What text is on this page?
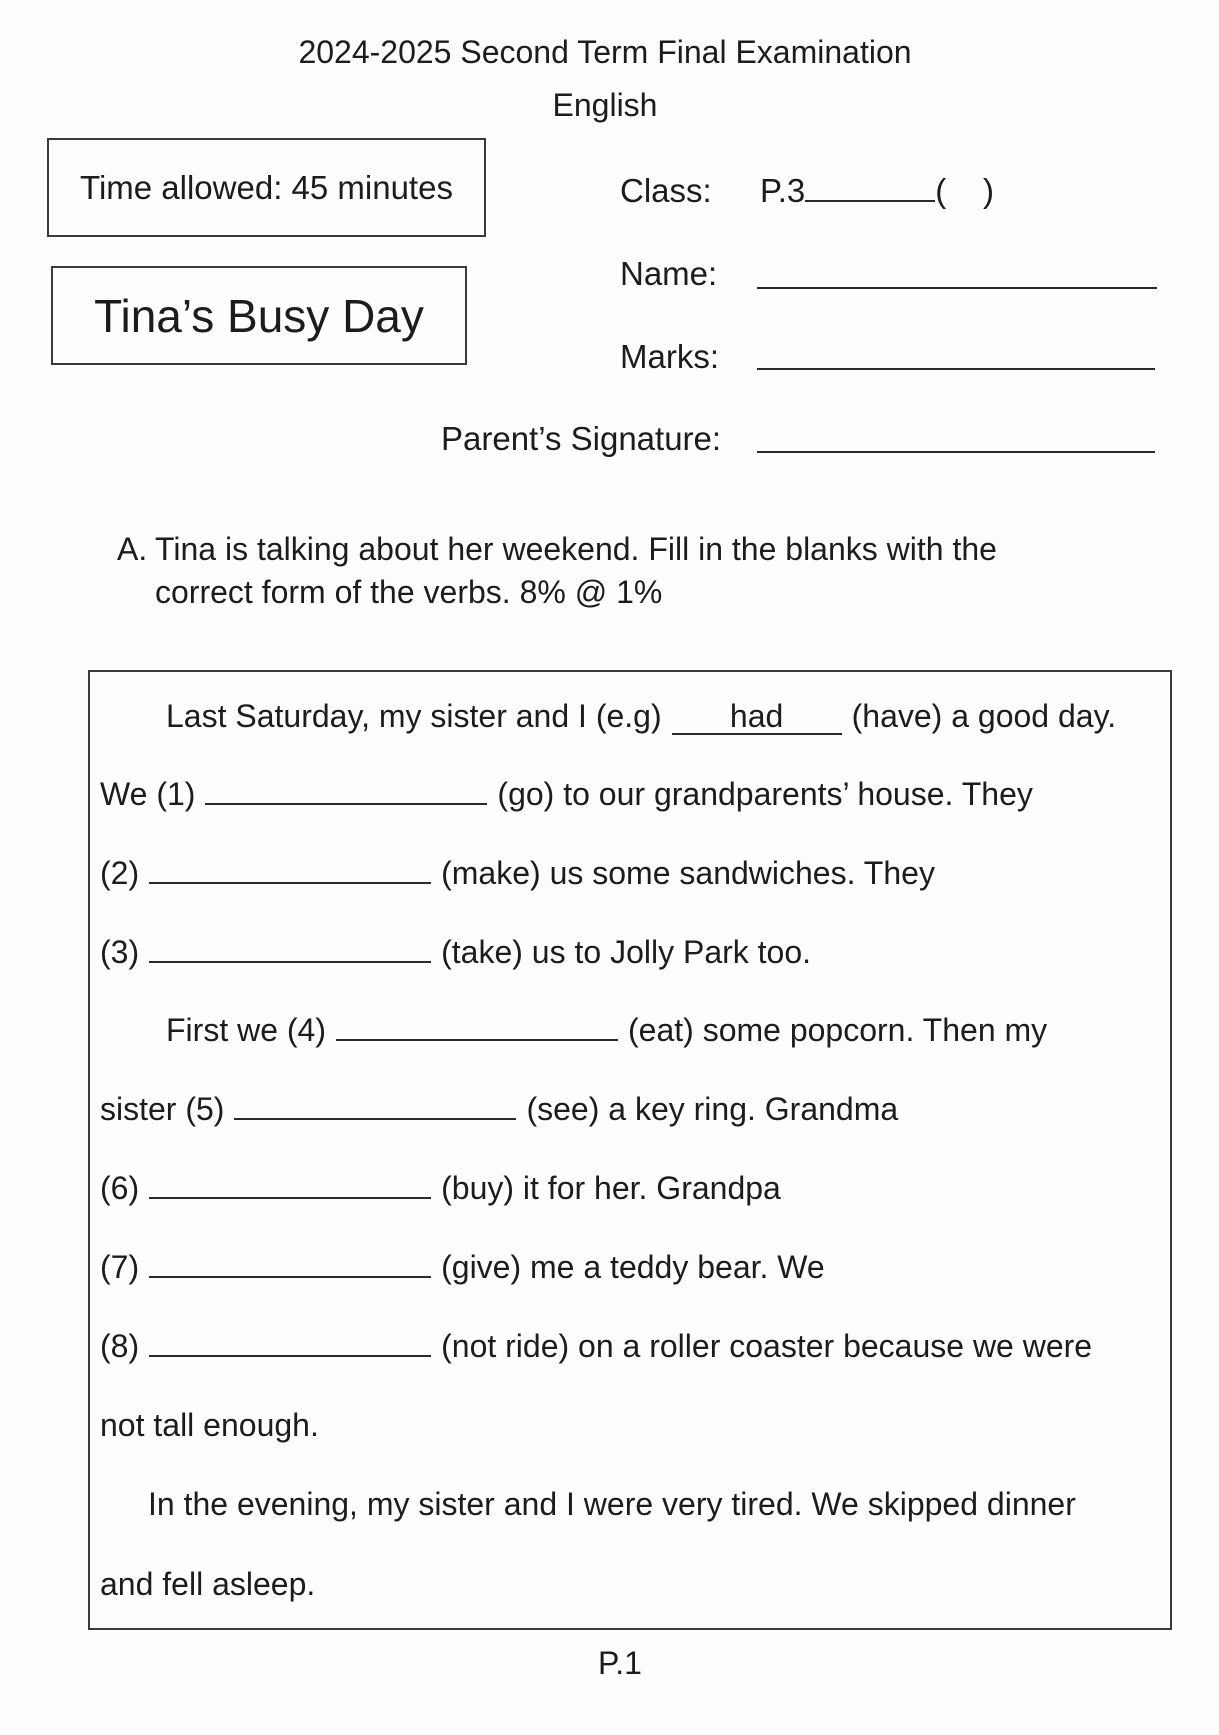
2024-2025 Second Term Final Examination
English
Time allowed: 45 minutes
Tina’s Busy Day
Class: P.3	(    )
Name:
Marks:
Parent’s Signature:
A. Tina is talking about her weekend. Fill in the blanks with the
correct form of the verbs. 8% @ 1%
Last Saturday, my sister and I (e.g) had (have) a good day.
We (1)	(go) to our grandparents’ house. They
(2)	(make) us some sandwiches. They
(3)	(take) us to Jolly Park too.
First we (4)	(eat) some popcorn. Then my
sister (5)	(see) a key ring. Grandma
(6)	(buy) it for her. Grandpa
(7)	(give) me a teddy bear. We
(8)	(not ride) on a roller coaster because we were
not tall enough.
In the evening, my sister and I were very tired. We skipped dinner
and fell asleep.
P.1
